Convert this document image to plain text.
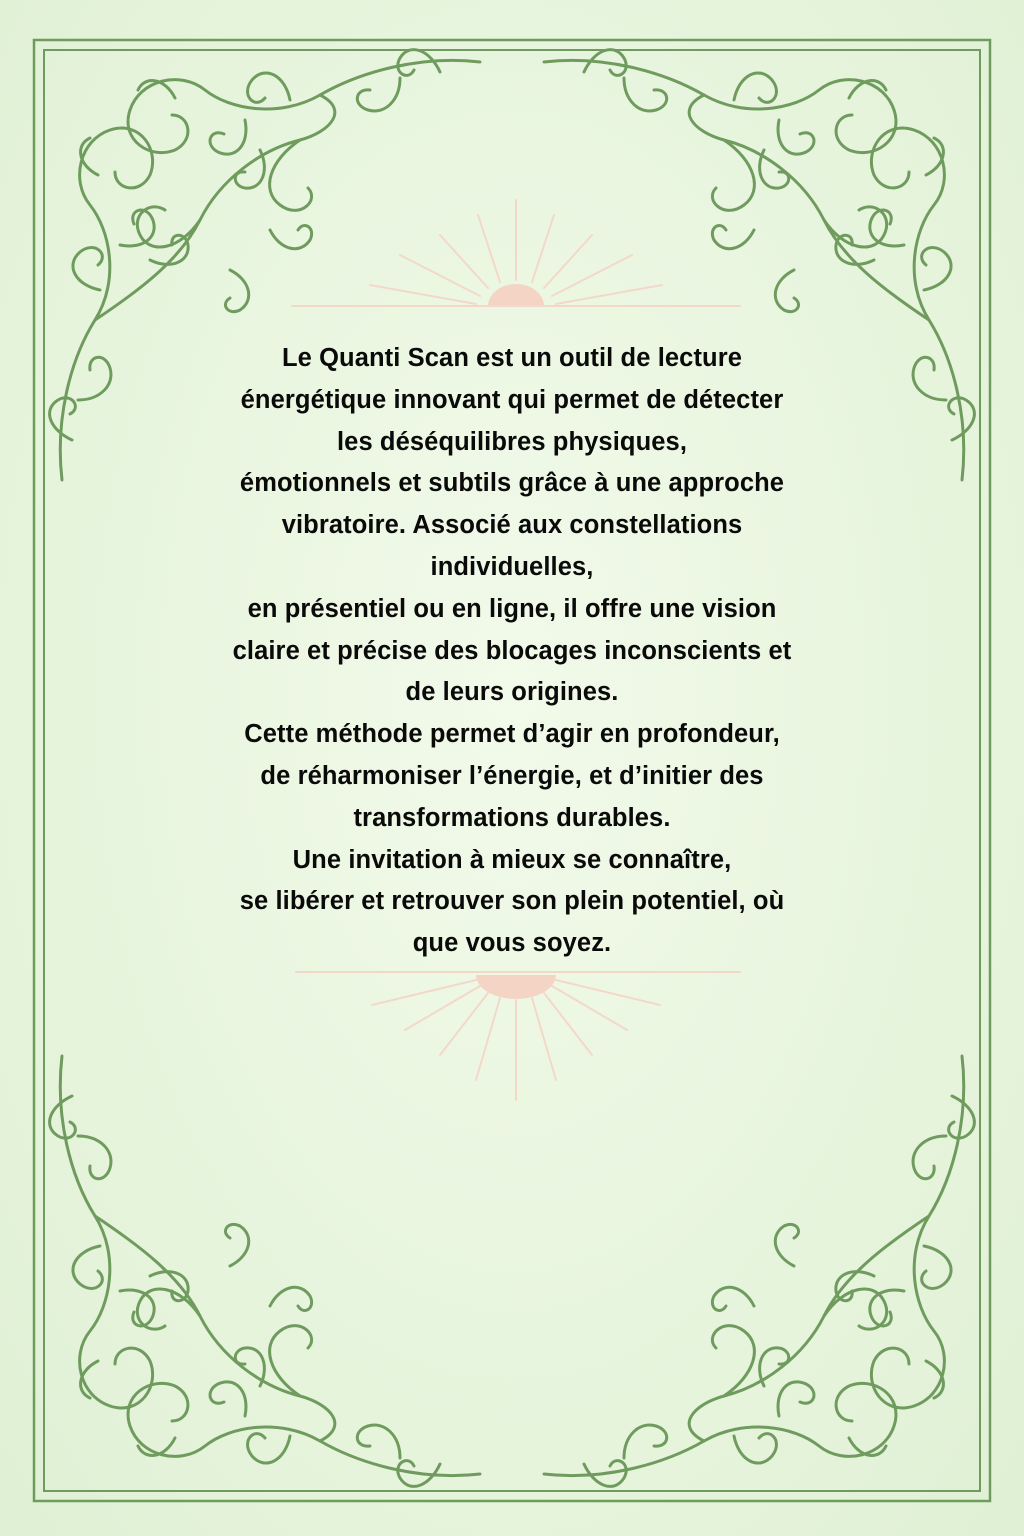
Le Quanti Scan est un outil de lecture
énergétique innovant qui permet de détecter
les déséquilibres physiques,
émotionnels et subtils grâce à une approche
vibratoire. Associé aux constellations
individuelles,
en présentiel ou en ligne, il offre une vision
claire et précise des blocages inconscients et
de leurs origines.
Cette méthode permet d’agir en profondeur,
de réharmoniser l’énergie, et d’initier des
transformations durables.
Une invitation à mieux se connaître,
se libérer et retrouver son plein potentiel, où
que vous soyez.
